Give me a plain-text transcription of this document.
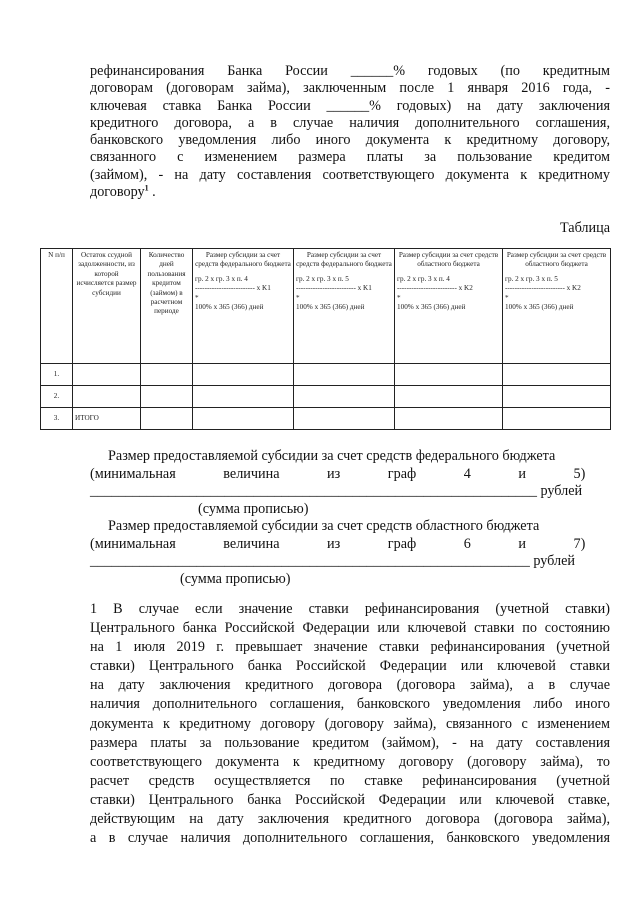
рефинансирования Банка России ______% годовых (по кредитным
договорам (договорам займа), заключенным после 1 января 2016 года, -
ключевая ставка Банка России ______% годовых) на дату заключения
кредитного договора, а в случае наличия дополнительного соглашения,
банковского уведомления либо иного документа к кредитному договору,
связанного с изменением размера платы за пользование кредитом
(займом), - на дату составления соответствующего документа к кредитному
договору$^1$ .
Таблица
N п/п	Остаток ссудной задолженности, из которой исчисляется размер субсидии	Количество дней пользования кредитом (займом) в расчетном периоде	Размер субсидии за счет средств федерального бюджета
гр. 2 x гр. 3 x п. 4
------------------------- x K1
*
100% x 365 (366) дней	Размер субсидии за счет средств федерального бюджета
гр. 2 x гр. 3 x п. 5
------------------------- x K1
*
100% x 365 (366) дней	Размер субсидии за счет средств областного бюджета
гр. 2 x гр. 3 x п. 4
------------------------- x K2
*
100% x 365 (366) дней	Размер субсидии за счет средств областного бюджета
гр. 2 x гр. 3 x п. 5
------------------------- x K2
*
100% x 365 (366) дней

1.						
2.						
3.	ИТОГО					
Размер предоставляемой субсидии за счет средств федерального бюджета
(минимальная величина из граф 4 и 5)
_______________________________________________________________ рублей
(сумма прописью)
Размер предоставляемой субсидии за счет средств областного бюджета
(минимальная величина из граф 6 и 7)
______________________________________________________________ рублей
(сумма прописью)
1 В случае если значение ставки рефинансирования (учетной ставки)
Центрального банка Российской Федерации или ключевой ставки по состоянию
на 1 июля 2019 г. превышает значение ставки рефинансирования (учетной
ставки) Центрального банка Российской Федерации или ключевой ставки
на дату заключения кредитного договора (договора займа), а в случае
наличия дополнительного соглашения, банковского уведомления либо иного
документа к кредитному договору (договору займа), связанного с изменением
размера платы за пользование кредитом (займом), - на дату составления
соответствующего документа к кредитному договору (договору займа), то
расчет средств осуществляется по ставке рефинансирования (учетной
ставки) Центрального банка Российской Федерации или ключевой ставке,
действующим на дату заключения кредитного договора (договора займа),
а в случае наличия дополнительного соглашения, банковского уведомления
